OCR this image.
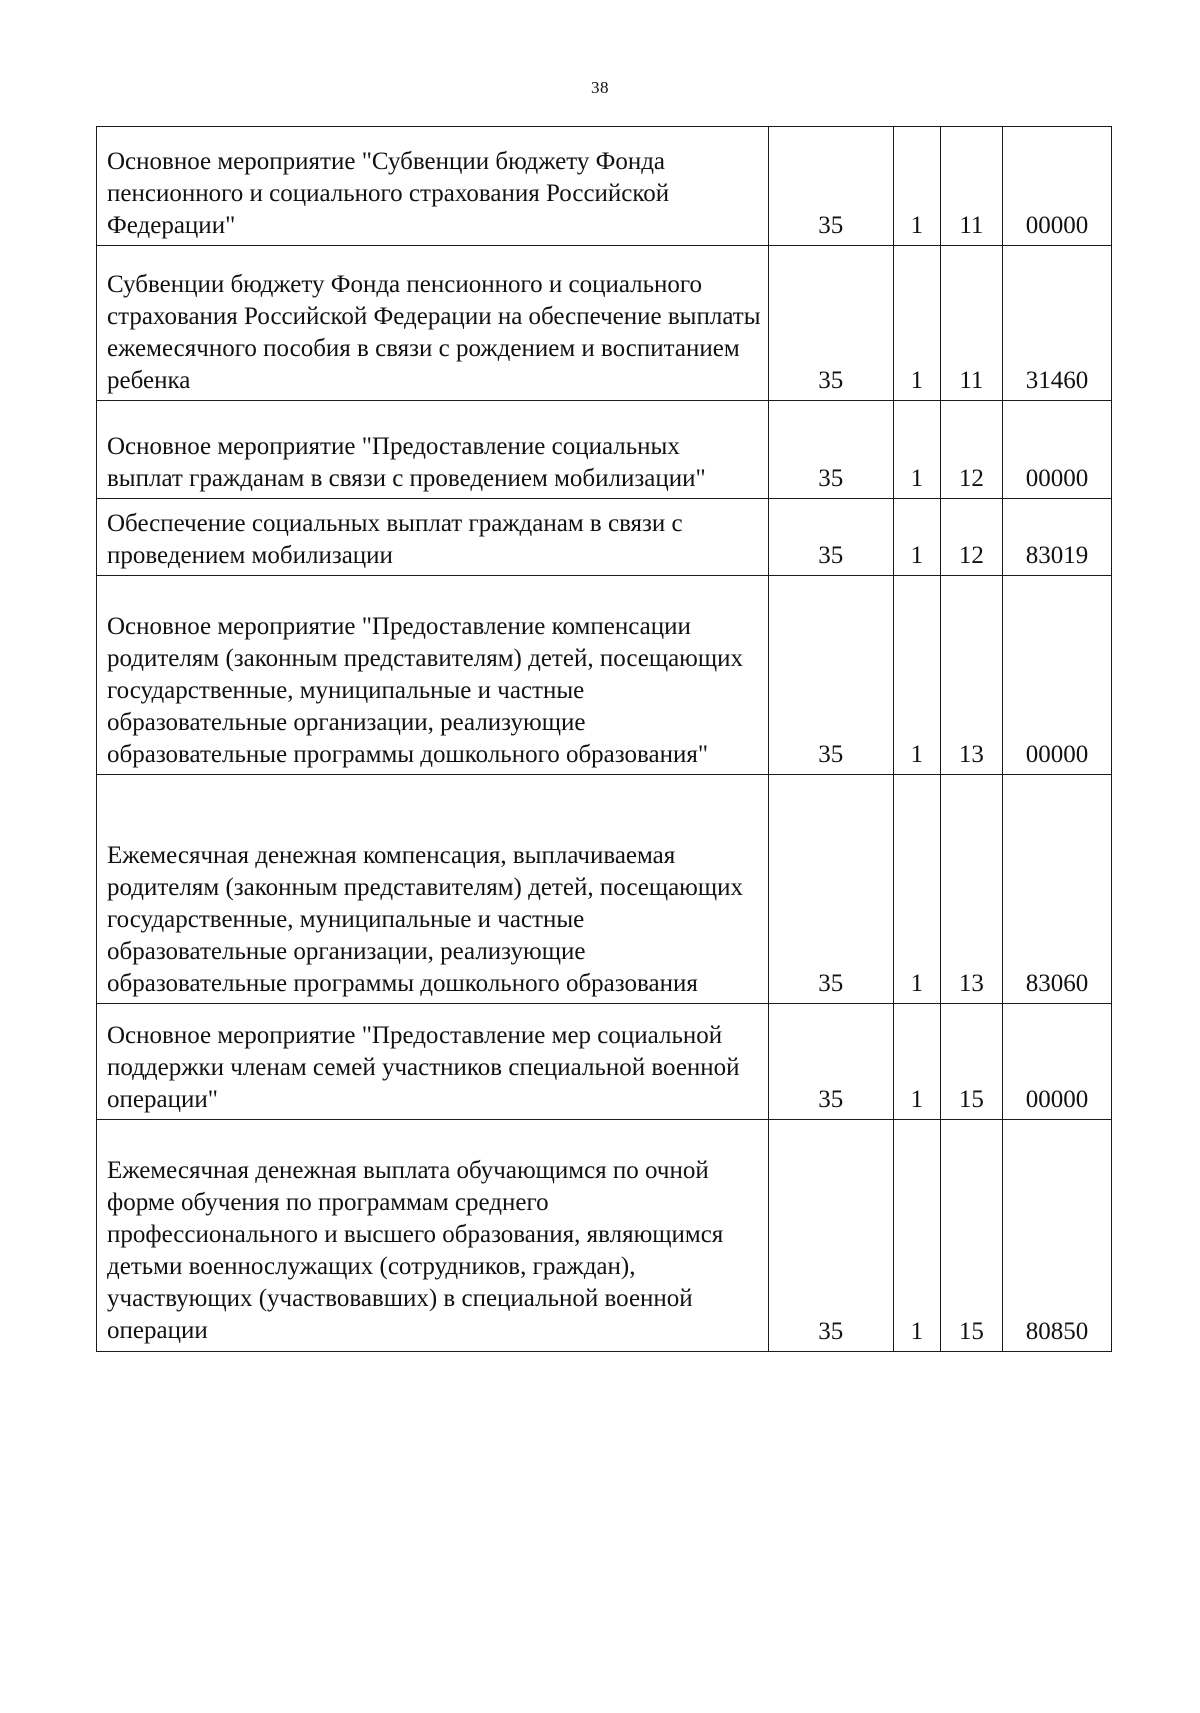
38
Основное мероприятие "Субвенции бюджету Фонда пенсионного и социального страхования Российской Федерации"	35	1	11	00000
Субвенции бюджету Фонда пенсионного и социального страхования Российской Федерации на обеспечение выплаты ежемесячного пособия в связи с рождением и воспитанием ребенка	35	1	11	31460
Основное мероприятие "Предоставление социальных выплат гражданам в связи с проведением мобилизации"	35	1	12	00000
Обеспечение социальных выплат гражданам в связи с проведением мобилизации	35	1	12	83019
Основное мероприятие "Предоставление компенсации родителям (законным представителям) детей, посещающих государственные, муниципальные и частные образовательные организации, реализующие образовательные программы дошкольного образования"	35	1	13	00000
Ежемесячная денежная компенсация, выплачиваемая родителям (законным представителям) детей, посещающих государственные, муниципальные и частные образовательные организации, реализующие образовательные программы дошкольного образования	35	1	13	83060
Основное мероприятие "Предоставление мер социальной поддержки членам семей участников специальной военной операции"	35	1	15	00000
Ежемесячная денежная выплата обучающимся по очной форме обучения по программам среднего профессионального и высшего образования, являющимся детьми военнослужащих (сотрудников, граждан), участвующих (участвовавших) в специальной военной операции	35	1	15	80850
